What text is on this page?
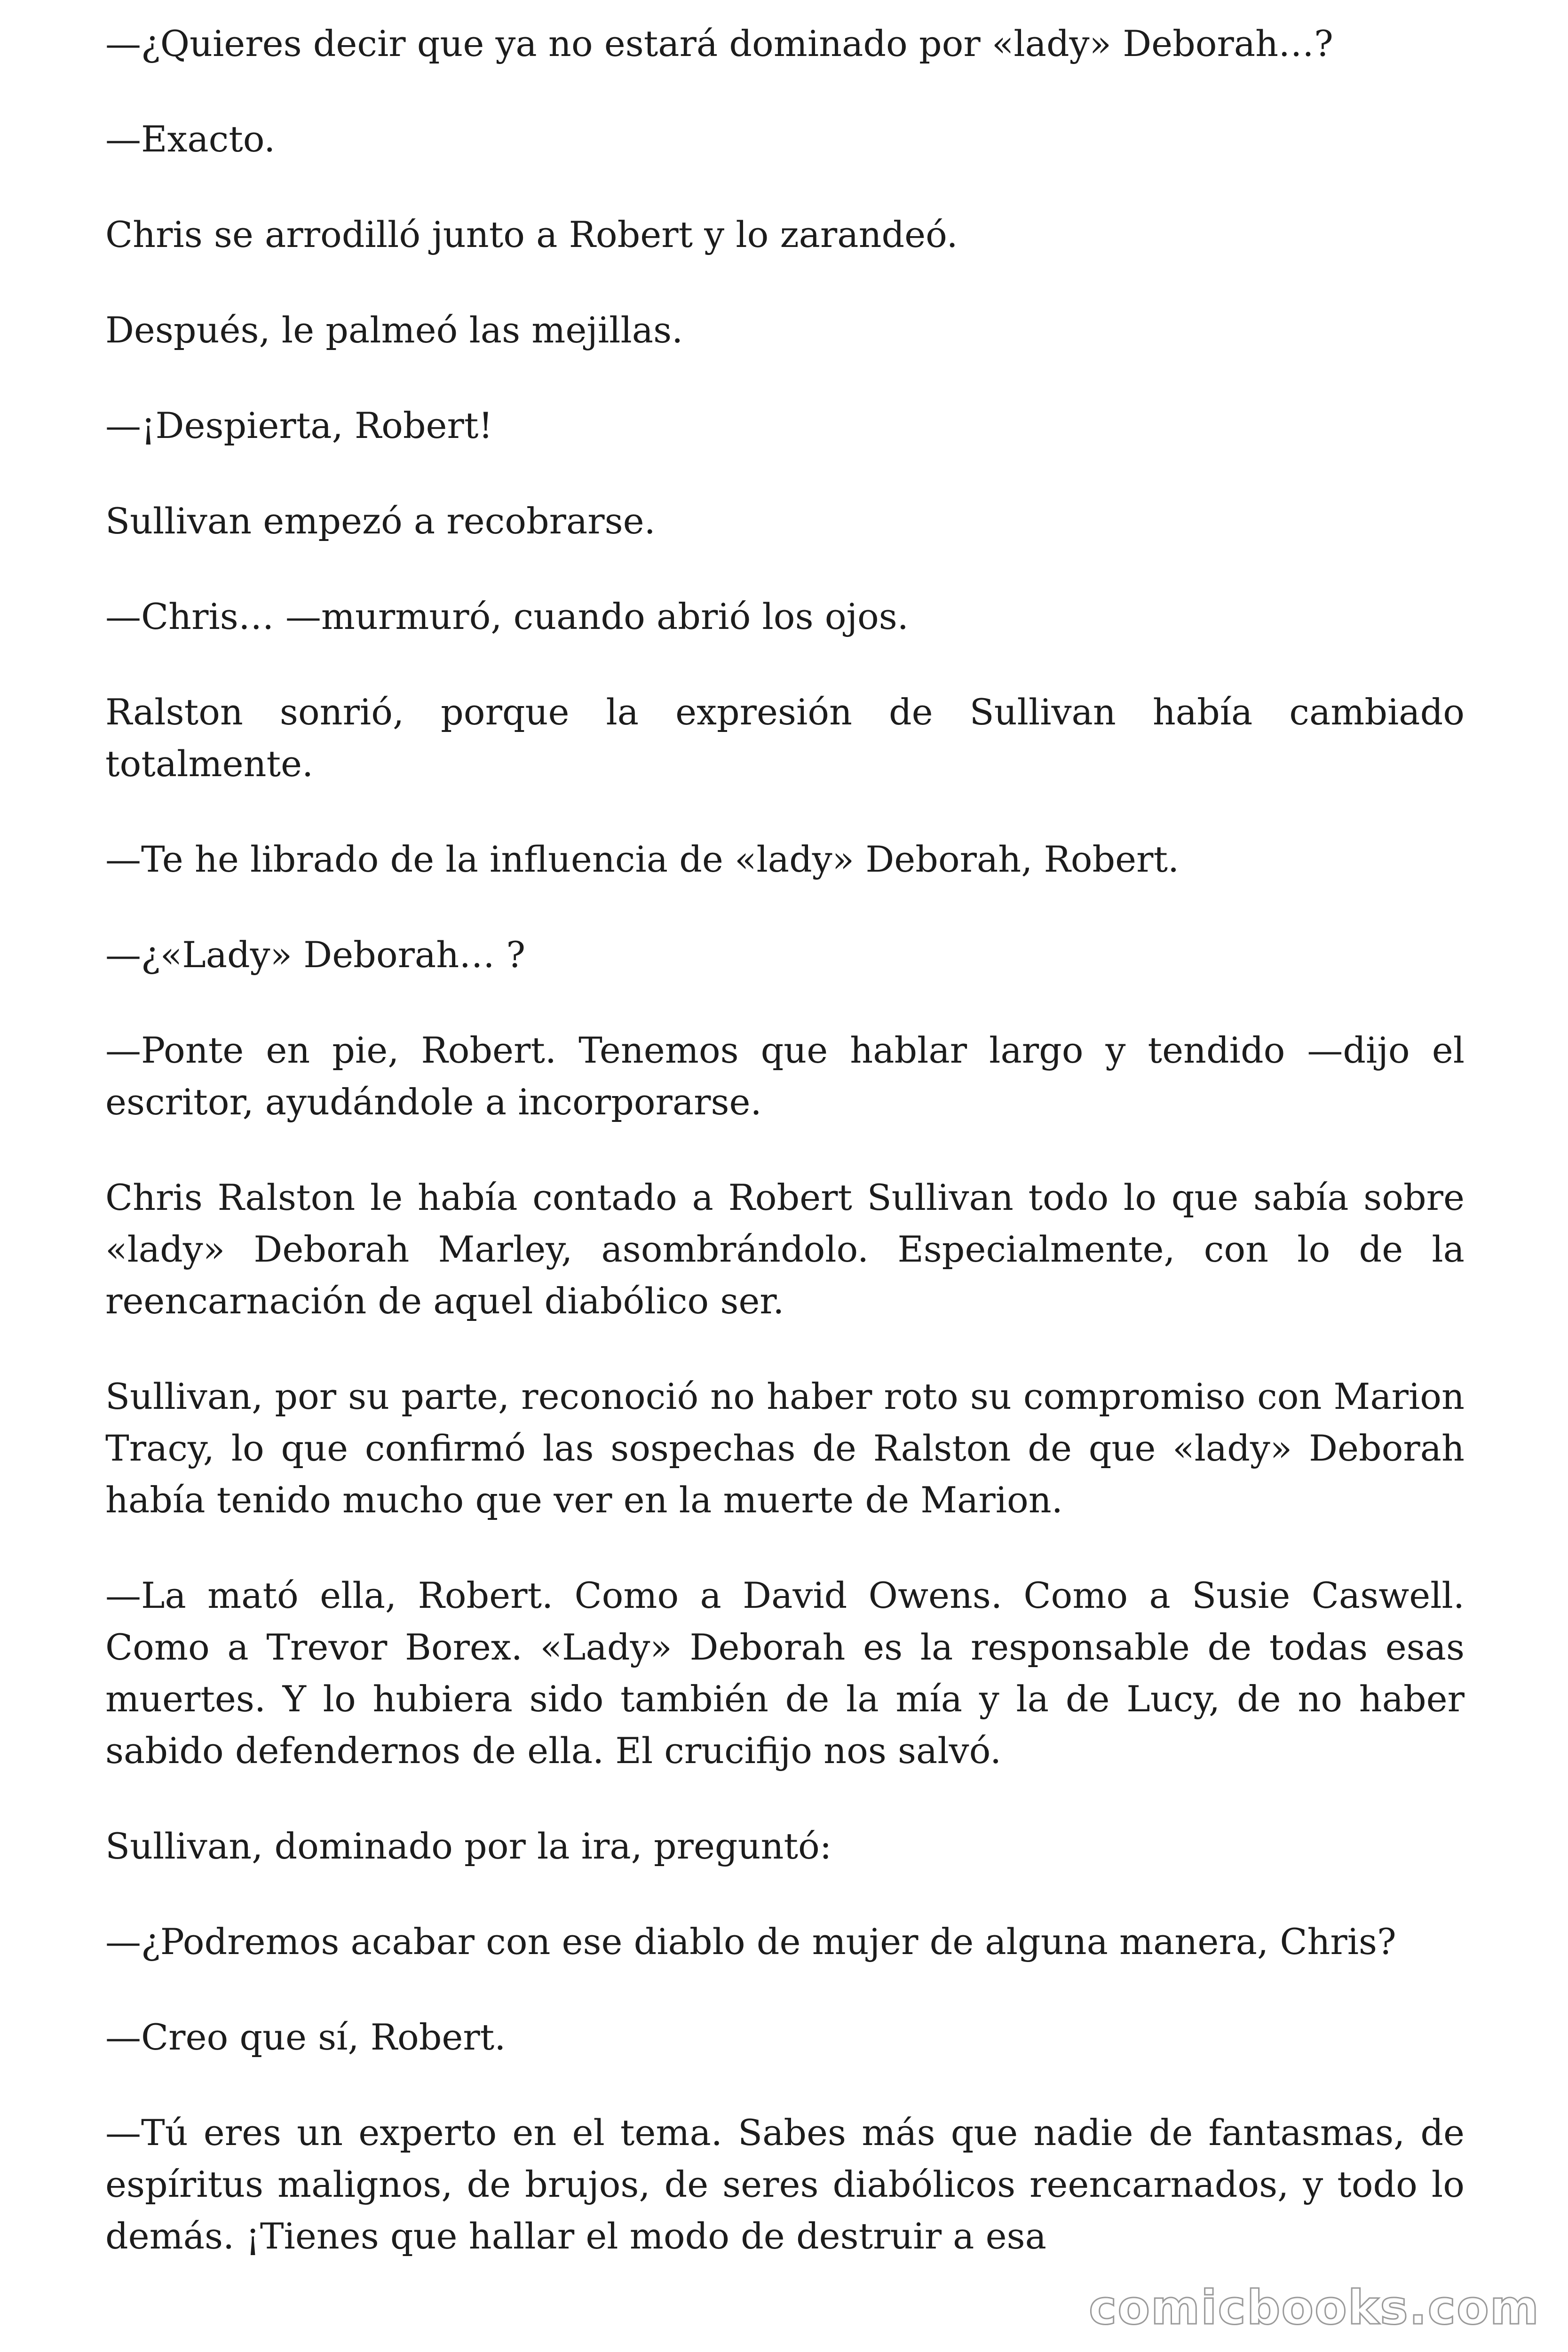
—¿Quieres decir que ya no estará dominado por «lady» Deborah…?

—Exacto.

Chris se arrodilló junto a Robert y lo zarandeó.

Después, le palmeó las mejillas.

—¡Despierta, Robert!

Sullivan empezó a recobrarse.

—Chris… —murmuró, cuando abrió los ojos.

Ralston sonrió, porque la expresión de Sullivan había cambiado totalmente.

—Te he librado de la influencia de «lady» Deborah, Robert.

—¿«Lady» Deborah… ?

—Ponte en pie, Robert. Tenemos que hablar largo y tendido —dijo el escritor, ayudándole a incorporarse.

Chris Ralston le había contado a Robert Sullivan todo lo que sabía sobre «lady» Deborah Marley, asombrándolo. Especialmente, con lo de la reencarnación de aquel diabólico ser.

Sullivan, por su parte, reconoció no haber roto su compromiso con Marion Tracy, lo que confirmó las sospechas de Ralston de que «lady» Deborah había tenido mucho que ver en la muerte de Marion.

—La mató ella, Robert. Como a David Owens. Como a Susie Caswell. Como a Trevor Borex. «Lady» Deborah es la responsable de todas esas muertes. Y lo hubiera sido también de la mía y la de Lucy, de no haber sabido defendernos de ella. El crucifijo nos salvó.

Sullivan, dominado por la ira, preguntó:

—¿Podremos acabar con ese diablo de mujer de alguna manera, Chris?

—Creo que sí, Robert.

—Tú eres un experto en el tema. Sabes más que nadie de fantasmas, de espíritus malignos, de brujos, de seres diabólicos reencarnados, y todo lo demás. ¡Tienes que hallar el modo de destruir a esa

comicbooks.com
